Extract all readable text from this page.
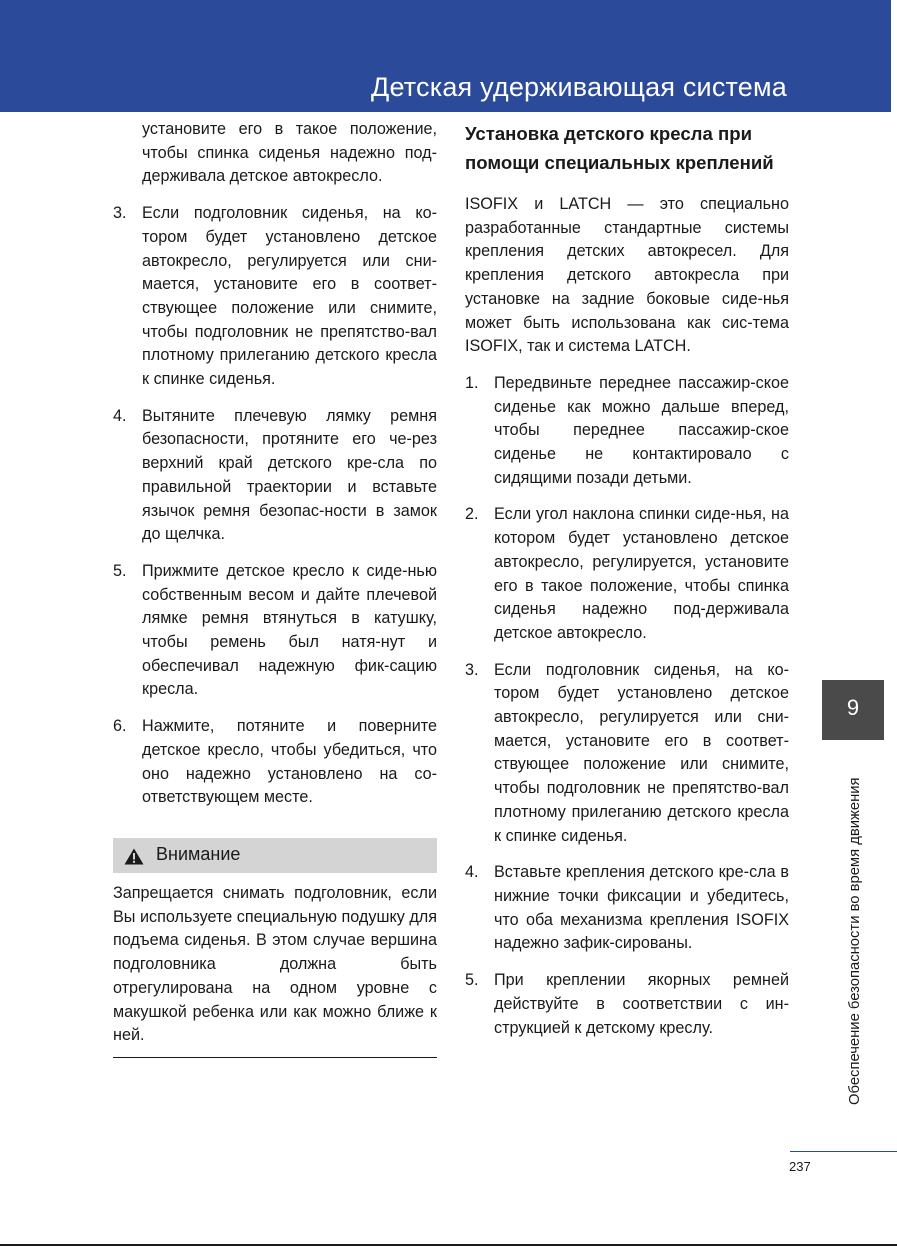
Детская удерживающая система

установите его в такое положение, чтобы спинка сиденья надежно под-держивала детское автокресло.

3. Если подголовник сиденья, на ко-тором будет установлено детское автокресло, регулируется или сни-мается, установите его в соответ-ствующее положение или снимите, чтобы подголовник не препятство-вал плотному прилеганию детского кресла к спинке сиденья.
4. Вытяните плечевую лямку ремня безопасности, протяните его че-рез верхний край детского кре-сла по правильной траектории и вставьте язычок ремня безопас-ности в замок до щелчка.
5. Прижмите детское кресло к сиде-нью собственным весом и дайте плечевой лямке ремня втянуться в катушку, чтобы ремень был натя-нут и обеспечивал надежную фик-сацию кресла.
6. Нажмите, потяните и поверните детское кресло, чтобы убедиться, что оно надежно установлено на со-ответствующем месте.
Внимание

Запрещается снимать подголовник, если Вы используете специальную подушку для подъема сиденья. В этом случае вершина подголовника должна быть отрегулирована на одном уровне с макушкой ребенка или как можно ближе к ней.

Установка детского кресла при помощи специальных креплений

ISOFIX и LATCH — это специально разработанные стандартные системы крепления детских автокресел. Для крепления детского автокресла при установке на задние боковые сиде-нья может быть использована как сис-тема ISOFIX, так и система LATCH.

1. Передвиньте переднее пассажир-ское сиденье как можно дальше вперед, чтобы переднее пассажир-ское сиденье не контактировало с сидящими позади детьми.
2. Если угол наклона спинки сиде-нья, на котором будет установлено детское автокресло, регулируется, установите его в такое положение, чтобы спинка сиденья надежно под-держивала детское автокресло.
3. Если подголовник сиденья, на ко-тором будет установлено детское автокресло, регулируется или сни-мается, установите его в соответ-ствующее положение или снимите, чтобы подголовник не препятство-вал плотному прилеганию детского кресла к спинке сиденья.
4. Вставьте крепления детского кре-сла в нижние точки фиксации и убедитесь, что оба механизма крепления ISOFIX надежно зафик-сированы.
5. При креплении якорных ремней действуйте в соответствии с ин-струкцией к детскому креслу.
9
Обеспечение безопасности во время движения
237
